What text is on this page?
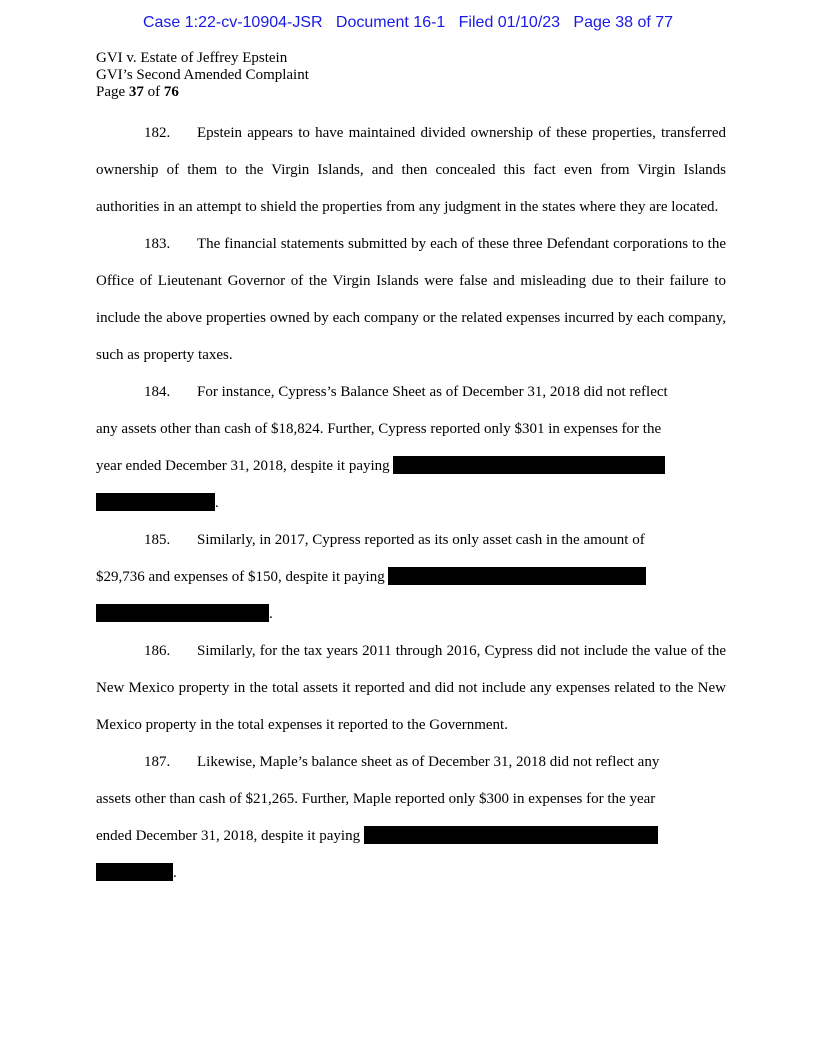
Case 1:22-cv-10904-JSR Document 16-1 Filed 01/10/23 Page 38 of 77
GVI v. Estate of Jeffrey Epstein
GVI’s Second Amended Complaint
Page 37 of 76

182. Epstein appears to have maintained divided ownership of these properties, transferred ownership of them to the Virgin Islands, and then concealed this fact even from Virgin Islands authorities in an attempt to shield the properties from any judgment in the states where they are located.

183. The financial statements submitted by each of these three Defendant corporations to the Office of Lieutenant Governor of the Virgin Islands were false and misleading due to their failure to include the above properties owned by each company or the related expenses incurred by each company, such as property taxes.

184. For instance, Cypress’s Balance Sheet as of December 31, 2018 did not reflect
any assets other than cash of $18,824. Further, Cypress reported only $301 in expenses for the
year ended December 31, 2018, despite it paying
.
185. Similarly, in 2017, Cypress reported as its only asset cash in the amount of
$29,736 and expenses of $150, despite it paying
.

186. Similarly, for the tax years 2011 through 2016, Cypress did not include the value of the New Mexico property in the total assets it reported and did not include any expenses related to the New Mexico property in the total expenses it reported to the Government.

187. Likewise, Maple’s balance sheet as of December 31, 2018 did not reflect any
assets other than cash of $21,265. Further, Maple reported only $300 in expenses for the year
ended December 31, 2018, despite it paying
.
